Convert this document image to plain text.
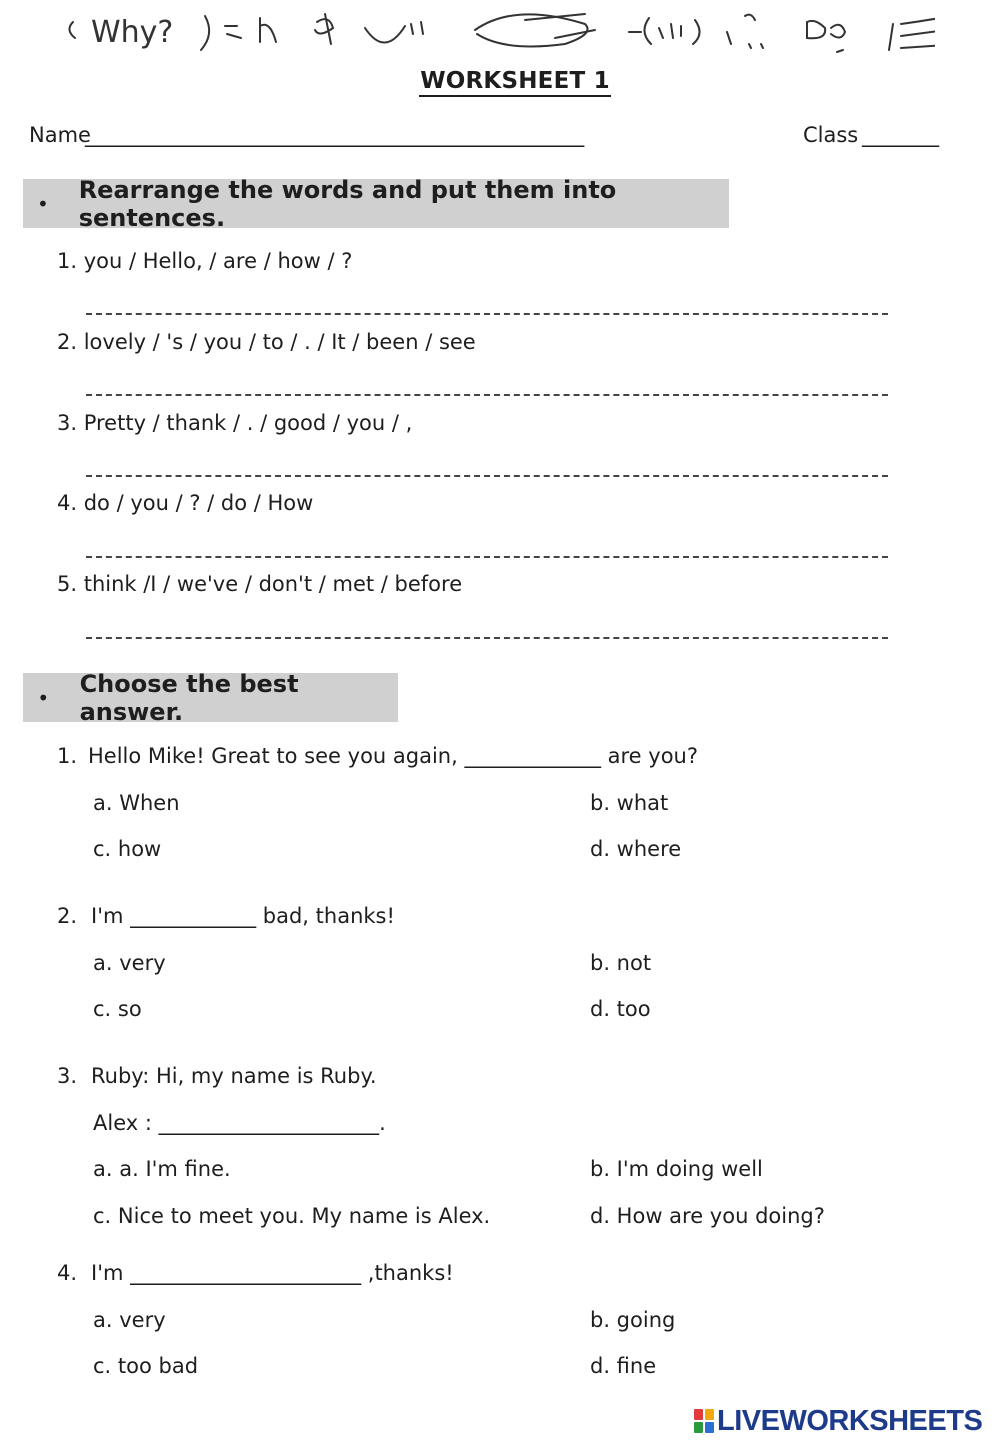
Why?
WORKSHEET 1
Name
_____________________________________________________	Class ________
•	Rearrange the words and put them into sentences.
1. you / Hello, / are / how / ?
2. lovely / 's / you / to / . / It / been / see
3. Pretty / thank / . / good / you / ,
4. do / you / ? / do / How
5. think /I / we've / don't / met / before
•	Choose the best answer.
1. Hello Mike! Great to see you again, _____________ are you?
a. When	b. what
c. how	d. where
2. I'm ____________ bad, thanks!
a. very	b. not
c. so	d. too
3. Ruby: Hi, my name is Ruby.
Alex : _____________________.
a. a. I'm fine.	b. I'm doing well
c. Nice to meet you. My name is Alex.	d. How are you doing?
4. I'm ______________________ ,thanks!
a. very	b. going
c. too bad	d. fine
LIVEWORKSHEETS
